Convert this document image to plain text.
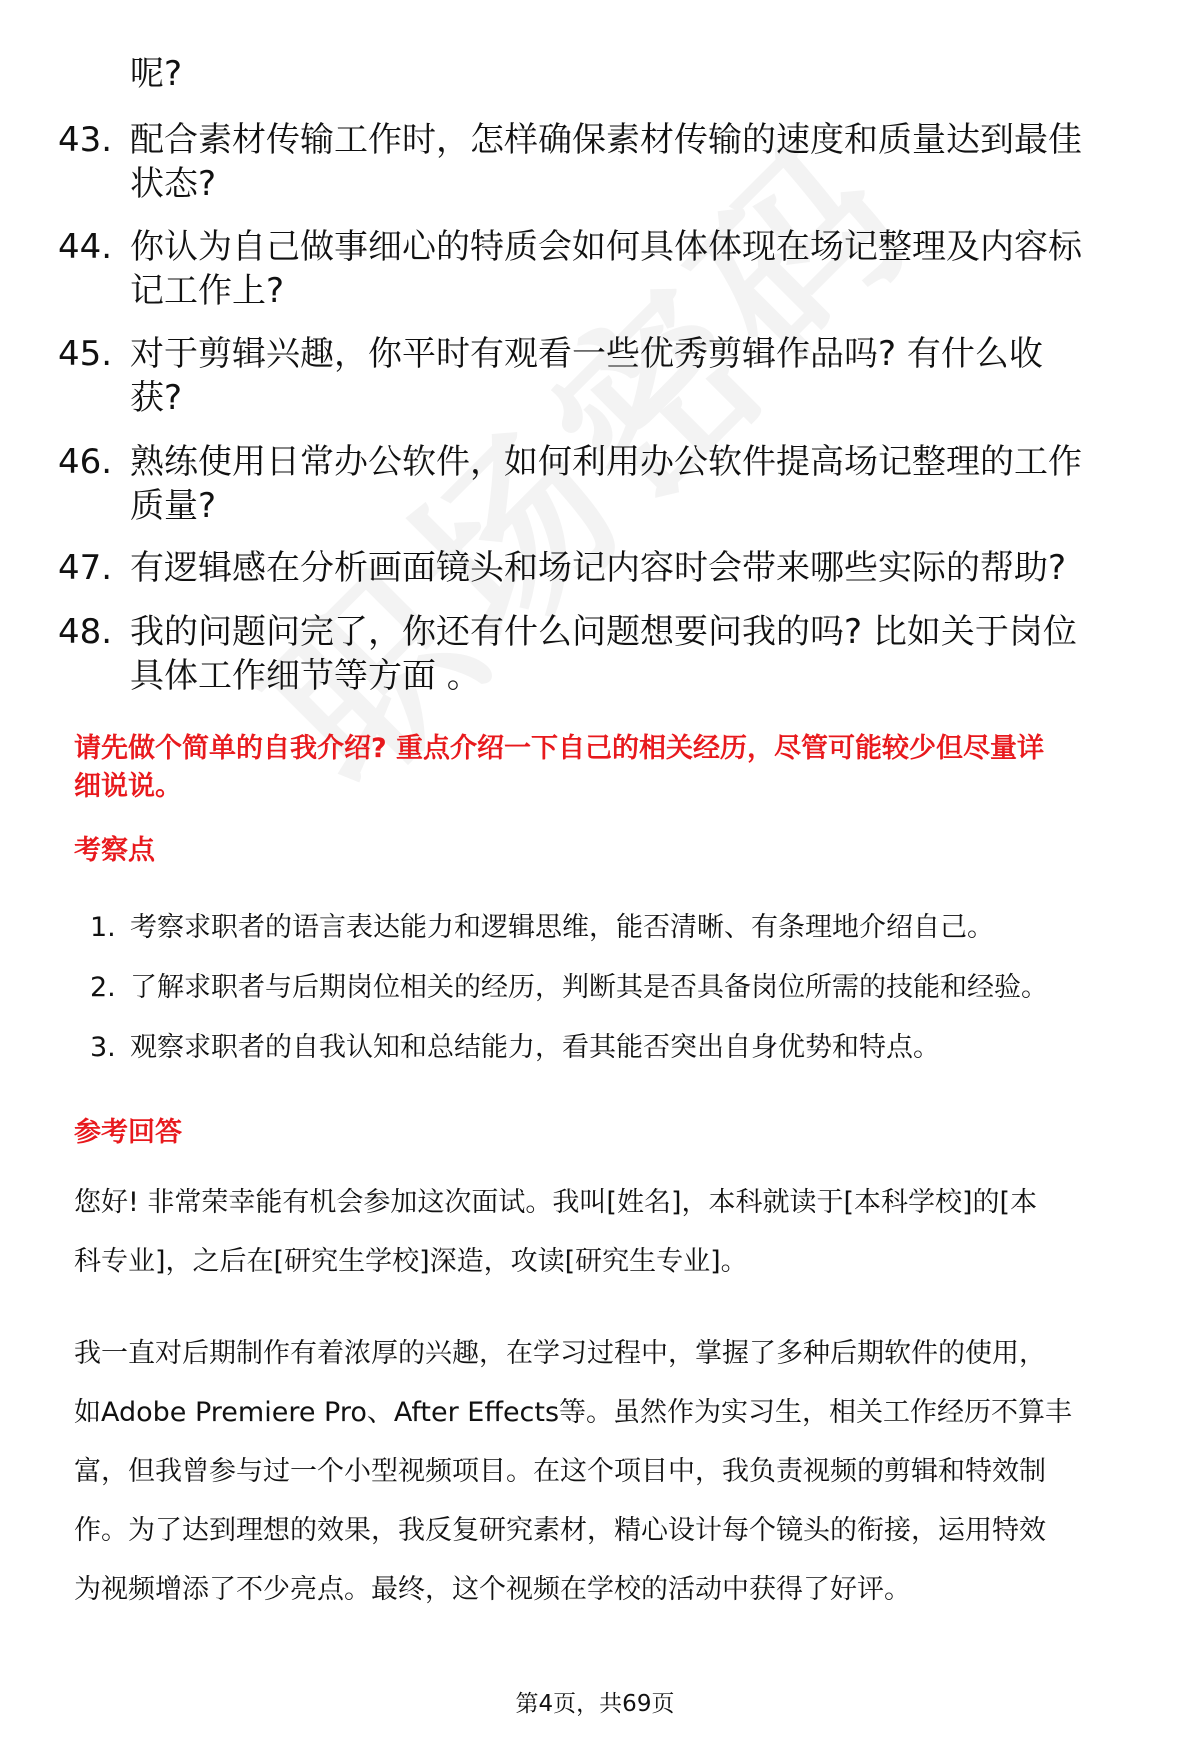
呢?
43. 配合素材传输工作时，怎样确保素材传输的速度和质量达到最佳
状态?
44. 你认为自己做事细心的特质会如何具体体现在场记整理及内容标
记工作上?
45. 对于剪辑兴趣，你平时有观看一些优秀剪辑作品吗? 有什么收
获?
46. 熟练使用日常办公软件，如何利用办公软件提高场记整理的工作
质量?
47. 有逻辑感在分析画面镜头和场记内容时会带来哪些实际的帮助?
48. 我的问题问完了，你还有什么问题想要问我的吗? 比如关于岗位
具体工作细节等方面 。
请先做个简单的自我介绍? 重点介绍一下自己的相关经历，尽管可能较少但尽量详
细说说。
考察点
1. 考察求职者的语言表达能力和逻辑思维，能否清晰、有条理地介绍自己。
2. 了解求职者与后期岗位相关的经历，判断其是否具备岗位所需的技能和经验。
3. 观察求职者的自我认知和总结能力，看其能否突出自身优势和特点。
参考回答
您好! 非常荣幸能有机会参加这次面试。我叫[姓名]，本科就读于[本科学校]的[本
科专业]，之后在[研究生学校]深造，攻读[研究生专业]。
我一直对后期制作有着浓厚的兴趣，在学习过程中，掌握了多种后期软件的使用，
如Adobe Premiere Pro、After Effects等。虽然作为实习生，相关工作经历不算丰
富，但我曾参与过一个小型视频项目。在这个项目中，我负责视频的剪辑和特效制
作。为了达到理想的效果，我反复研究素材，精心设计每个镜头的衔接，运用特效
为视频增添了不少亮点。最终，这个视频在学校的活动中获得了好评。
第4页，共69页
